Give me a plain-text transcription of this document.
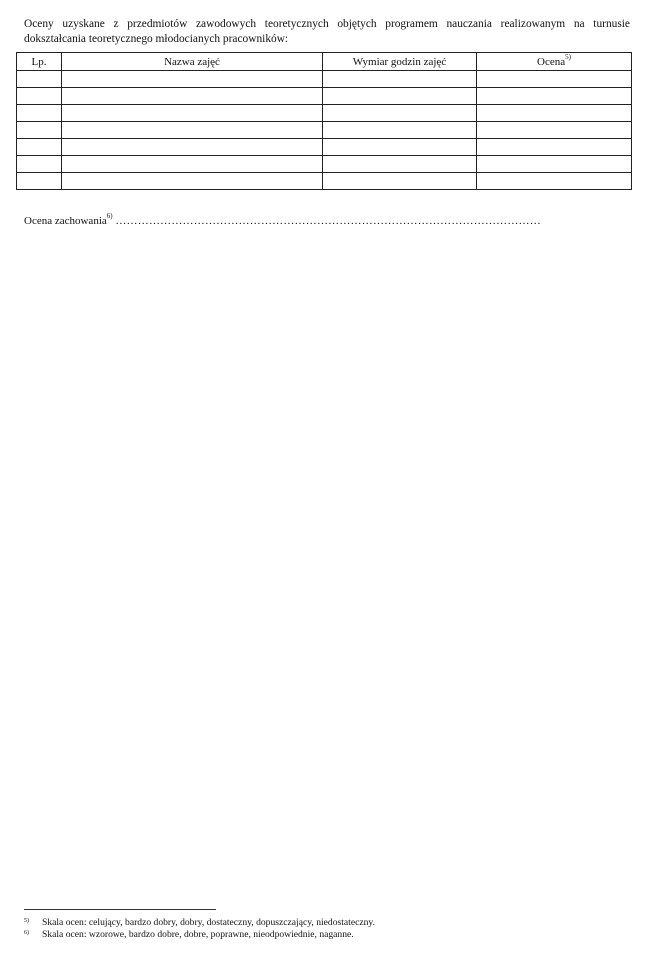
Oceny uzyskane z przedmiotów zawodowych teoretycznych objętych programem nauczania realizowanym na turnusie dokształcania teoretycznego młodocianych pracowników:

Lp.	Nazwa zajęć	Wymiar godzin zajęć	Ocena$^{5)}$

Ocena zachowania$^{6)}$ ……………………………………………………………………………………………………
5) Skala ocen: celujący, bardzo dobry, dobry, dostateczny, dopuszczający, niedostateczny.
6) Skala ocen: wzorowe, bardzo dobre, dobre, poprawne, nieodpowiednie, naganne.
